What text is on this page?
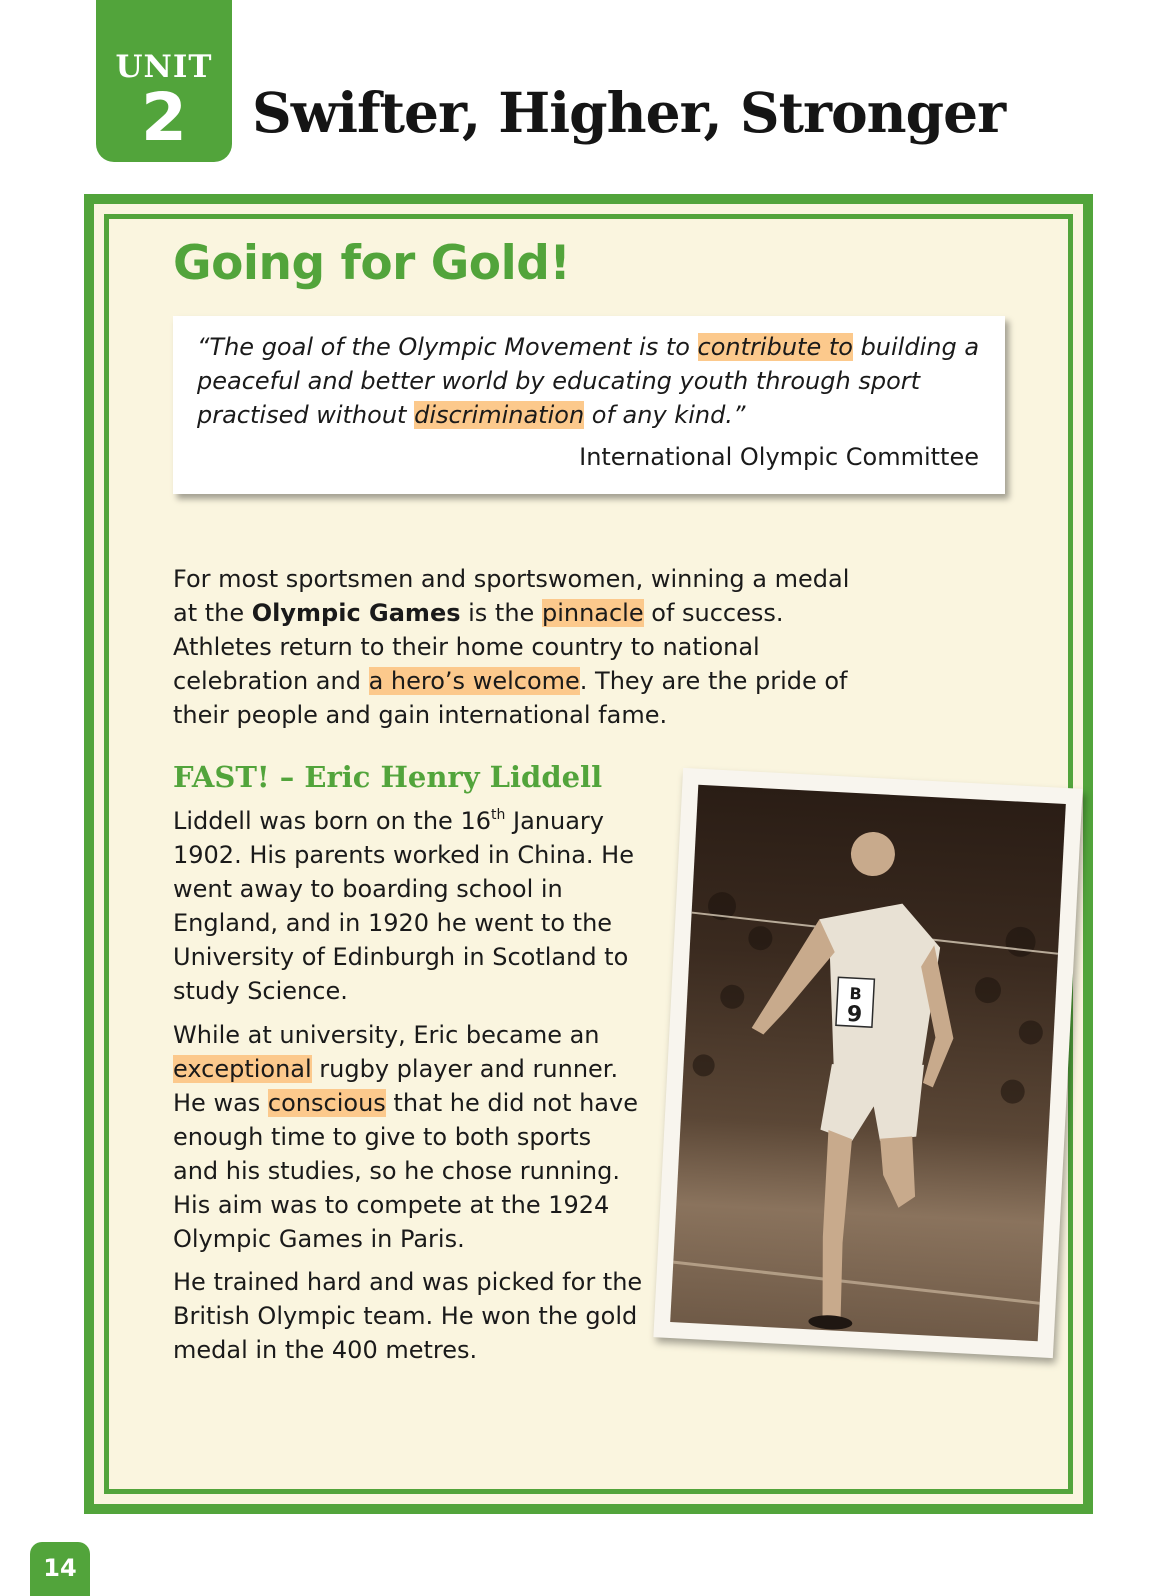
UNIT
2	Swifter, Higher, Stronger
Going for Gold!

“The goal of the Olympic Movement is to contribute to building a peaceful and better world by educating youth through sport practised without discrimination of any kind.”

International Olympic Committee

For most sportsmen and sportswomen, winning a medal at the Olympic Games is the pinnacle of success. Athletes return to their home country to national celebration and a hero’s welcome. They are the pride of their people and gain international fame.

FAST! – Eric Henry Liddell

Liddell was born on the 16th January 1902. His parents worked in China. He went away to boarding school in England, and in 1920 he went to the University of Edinburgh in Scotland to study Science.

While at university, Eric became an exceptional rugby player and runner. He was conscious that he did not have enough time to give to both sports and his studies, so he chose running. His aim was to compete at the 1924 Olympic Games in Paris.

He trained hard and was picked for the British Olympic team. He won the gold medal in the 400 metres.

B
9
14
